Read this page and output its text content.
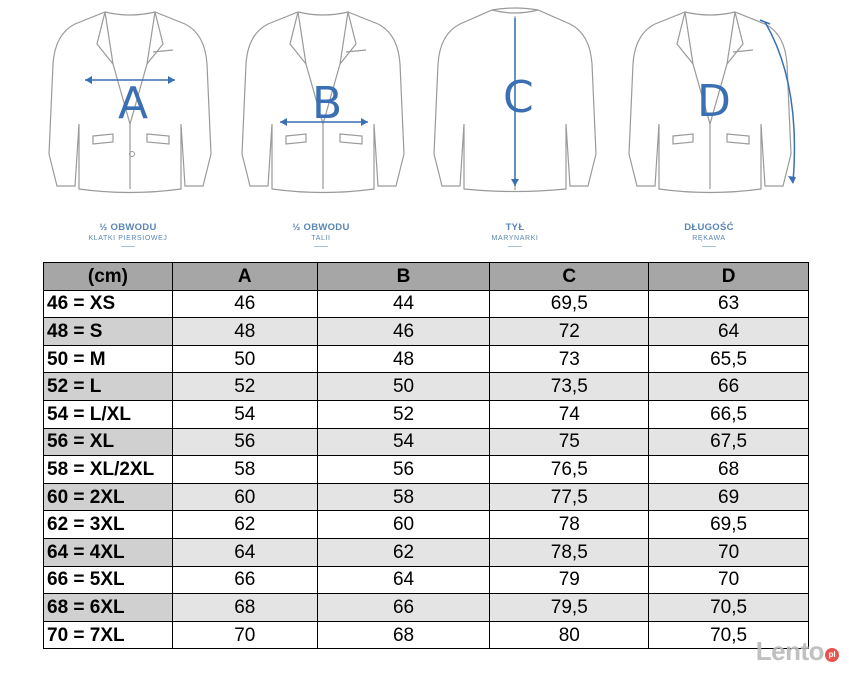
A	B	C	D
½ OBWODU
KLATKI PIERSIOWEJ
½ OBWODU
TALII
TYŁ
MARYNARKI
DŁUGOŚĆ
RĘKAWA
(cm)	A	B	C	D
46 = XS	46	44	69,5	63
48 = S	48	46	72	64
50 = M	50	48	73	65,5
52 = L	52	50	73,5	66
54 = L/XL	54	52	74	66,5
56 = XL	56	54	75	67,5
58 = XL/2XL	58	56	76,5	68
60 = 2XL	60	58	77,5	69
62 = 3XL	62	60	78	69,5
64 = 4XL	64	62	78,5	70
66 = 5XL	66	64	79	70
68 = 6XL	68	66	79,5	70,5
70 = 7XL	70	68	80	70,5
Lento pl
